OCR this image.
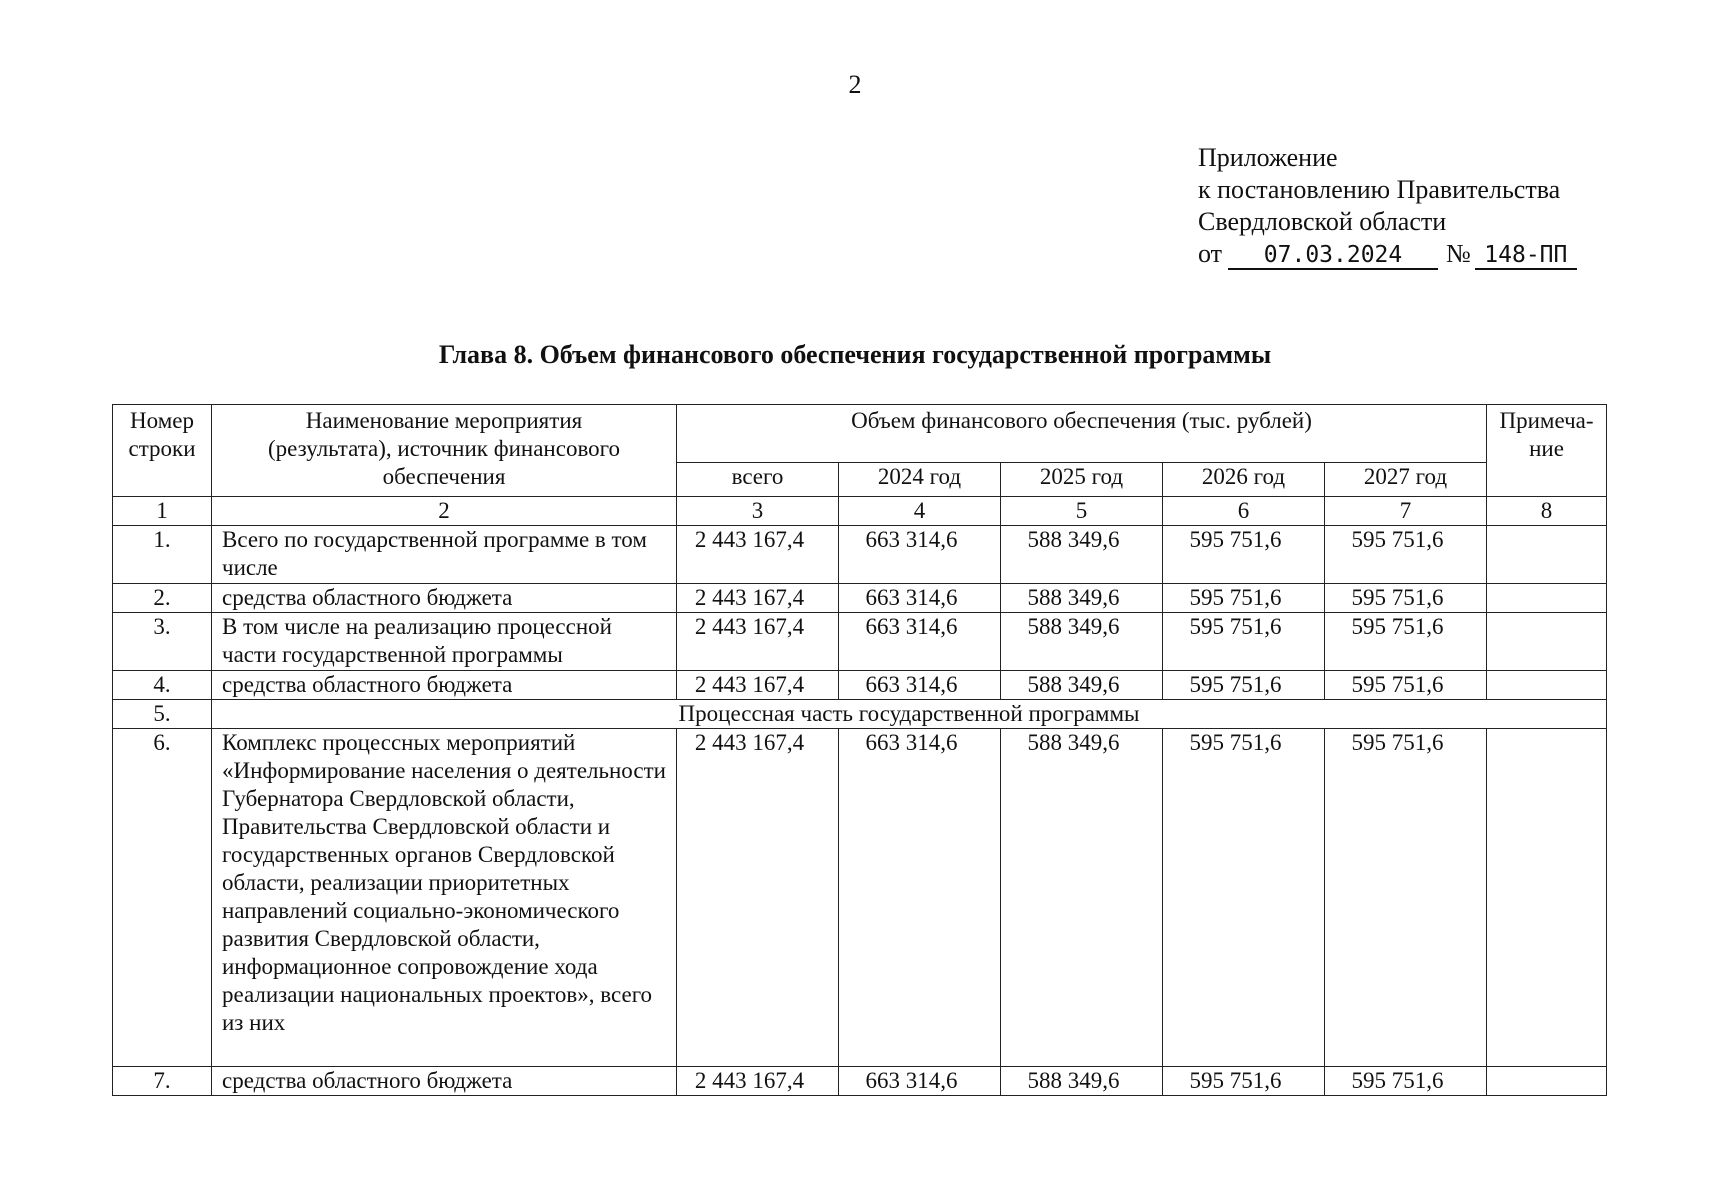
2
Приложение
к постановлению Правительства
Свердловской области
от 07.03.2024 № 148-ПП
Глава 8. Объем финансового обеспечения государственной программы
Номер строки	Наименование мероприятия (результата), источник финансового обеспечения	Объем финансового обеспечения (тыс. рублей)					Примеча-ние
		всего	2024 год	2025 год	2026 год	2027 год	
1	2	3	4	5	6	7	8
1.	Всего по государственной программе в том числе	2 443 167,4	663 314,6	588 349,6	595 751,6	595 751,6	
2.	средства областного бюджета	2 443 167,4	663 314,6	588 349,6	595 751,6	595 751,6	
3.	В том числе на реализацию процессной части государственной программы	2 443 167,4	663 314,6	588 349,6	595 751,6	595 751,6	
4.	средства областного бюджета	2 443 167,4	663 314,6	588 349,6	595 751,6	595 751,6	
5.	Процессная часть государственной программы						
6.	Комплекс процессных мероприятий «Информирование населения о деятельности Губернатора Свердловской области, Правительства Свердловской области и государственных органов Свердловской области, реализации приоритетных направлений социально-экономического развития Свердловской области, информационное сопровождение хода реализации национальных проектов», всего из них	2 443 167,4	663 314,6	588 349,6	595 751,6	595 751,6	
7.	средства областного бюджета	2 443 167,4	663 314,6	588 349,6	595 751,6	595 751,6	
